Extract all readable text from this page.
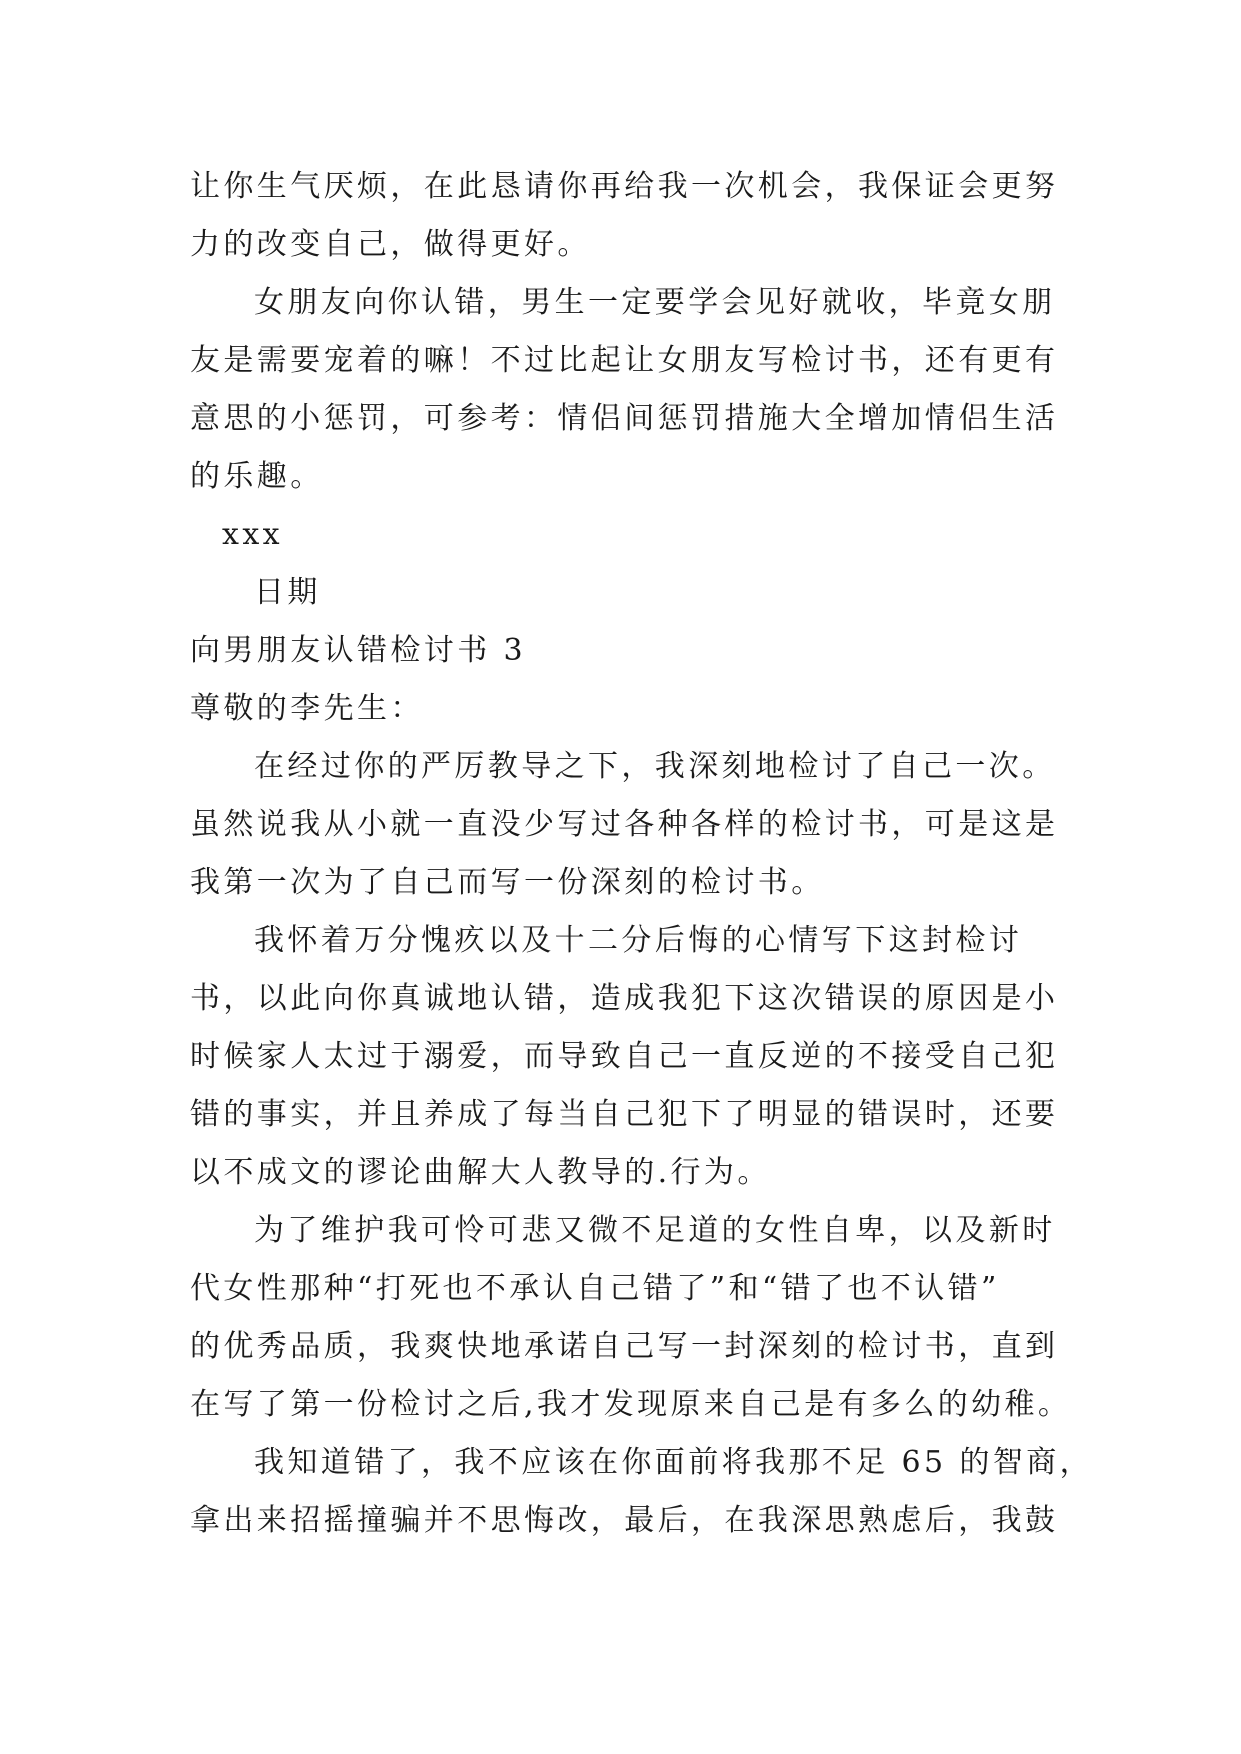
让你生气厌烦，在此恳请你再给我一次机会，我保证会更努
力的改变自己，做得更好。
女朋友向你认错，男生一定要学会见好就收，毕竟女朋
友是需要宠着的嘛！不过比起让女朋友写检讨书，还有更有
意思的小惩罚，可参考：情侣间惩罚措施大全增加情侣生活
的乐趣。
xxx
日期
向男朋友认错检讨书 3
尊敬的李先生：
在经过你的严厉教导之下，我深刻地检讨了自己一次。
虽然说我从小就一直没少写过各种各样的检讨书，可是这是
我第一次为了自己而写一份深刻的检讨书。
我怀着万分愧疚以及十二分后悔的心情写下这封检讨
书，以此向你真诚地认错，造成我犯下这次错误的原因是小
时候家人太过于溺爱，而导致自己一直反逆的不接受自己犯
错的事实，并且养成了每当自己犯下了明显的错误时，还要
以不成文的谬论曲解大人教导的.行为。
为了维护我可怜可悲又微不足道的女性自卑，以及新时
代女性那种“打死也不承认自己错了”和“错了也不认错”
的优秀品质，我爽快地承诺自己写一封深刻的检讨书，直到
在写了第一份检讨之后,我才发现原来自己是有多么的幼稚。
我知道错了，我不应该在你面前将我那不足 65 的智商，
拿出来招摇撞骗并不思悔改，最后，在我深思熟虑后，我鼓
